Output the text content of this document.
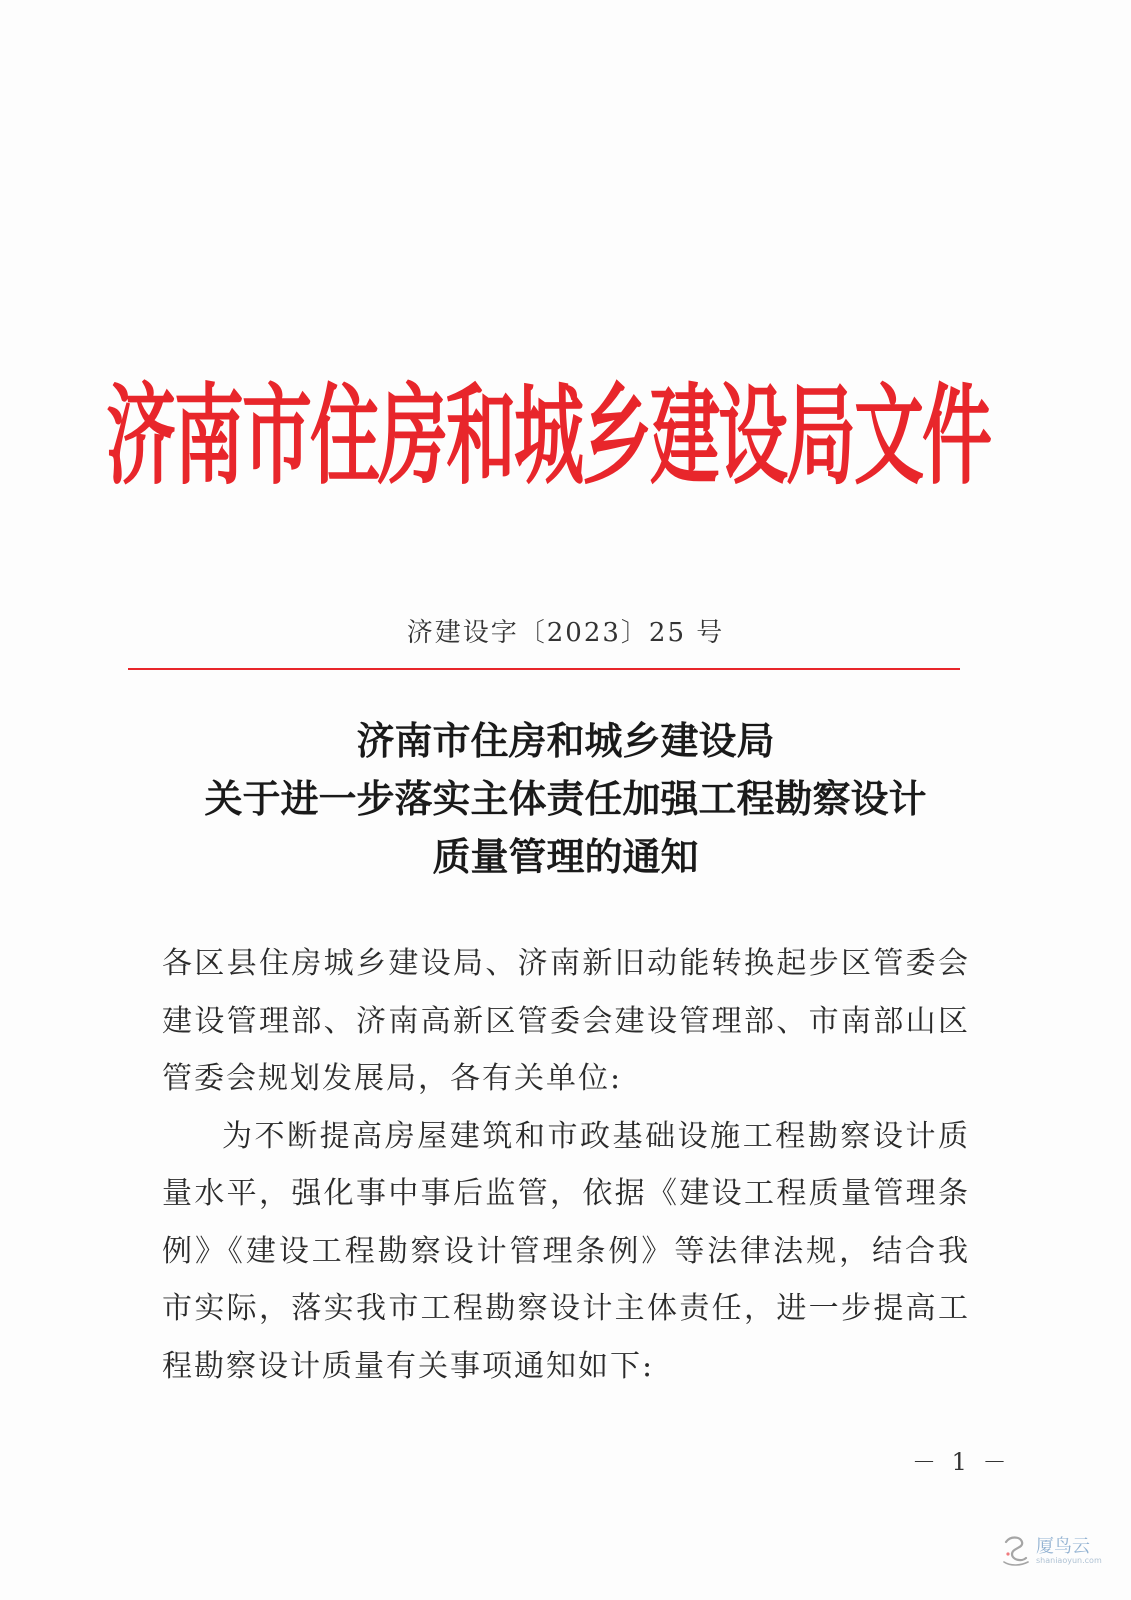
济南市住房和城乡建设局文件
济建设字〔2023〕25 号
济南市住房和城乡建设局
关于进一步落实主体责任加强工程勘察设计
质量管理的通知

各区县住房城乡建设局、济南新旧动能转换起步区管委会建设管理部、济南高新区管委会建设管理部、市南部山区管委会规划发展局，各有关单位:

为不断提高房屋建筑和市政基础设施工程勘察设计质量水平，强化事中事后监管，依据《建设工程质量管理条例》《建设工程勘察设计管理条例》等法律法规，结合我市实际，落实我市工程勘察设计主体责任，进一步提高工程勘察设计质量有关事项通知如下:

－ 1 －
厦鸟云
shaniaoyun.com
